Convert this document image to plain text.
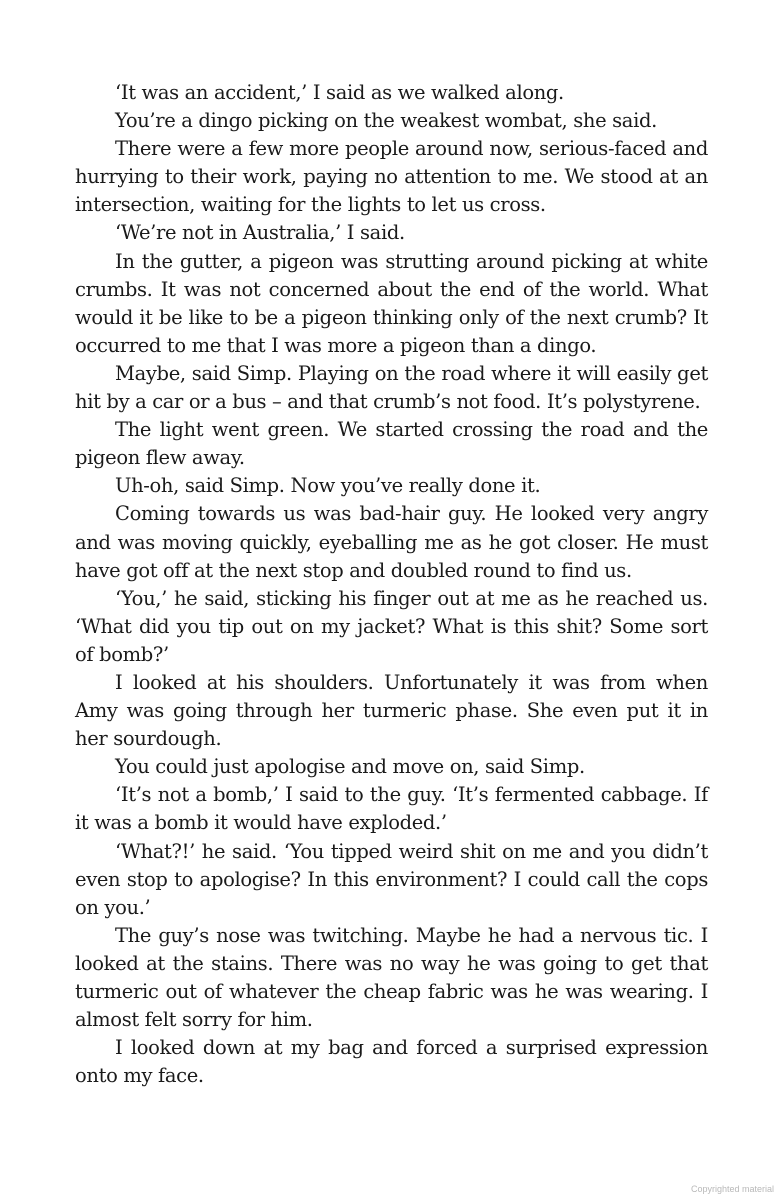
‘It was an accident,’ I said as we walked along.

You’re a dingo picking on the weakest wombat, she said.

There were a few more people around now, serious-faced and hurrying to their work, paying no attention to me. We stood at an intersection, waiting for the lights to let us cross.

‘We’re not in Australia,’ I said.

In the gutter, a pigeon was strutting around picking at white crumbs. It was not concerned about the end of the world. What would it be like to be a pigeon thinking only of the next crumb? It occurred to me that I was more a pigeon than a dingo.

Maybe, said Simp. Playing on the road where it will easily get hit by a car or a bus – and that crumb’s not food. It’s polystyrene.

The light went green. We started crossing the road and the pigeon flew away.

Uh-oh, said Simp. Now you’ve really done it.

Coming towards us was bad-hair guy. He looked very angry and was moving quickly, eyeballing me as he got closer. He must have got off at the next stop and doubled round to find us.

‘You,’ he said, sticking his finger out at me as he reached us. ‘What did you tip out on my jacket? What is this shit? Some sort of bomb?’

I looked at his shoulders. Unfortunately it was from when Amy was going through her turmeric phase. She even put it in her sourdough.

You could just apologise and move on, said Simp.

‘It’s not a bomb,’ I said to the guy. ‘It’s fermented cabbage. If it was a bomb it would have exploded.’

‘What?!’ he said. ‘You tipped weird shit on me and you didn’t even stop to apologise? In this environment? I could call the cops on you.’

The guy’s nose was twitching. Maybe he had a nervous tic. I looked at the stains. There was no way he was going to get that turmeric out of whatever the cheap fabric was he was wearing. I almost felt sorry for him.

I looked down at my bag and forced a surprised expression onto my face.

Copyrighted material
